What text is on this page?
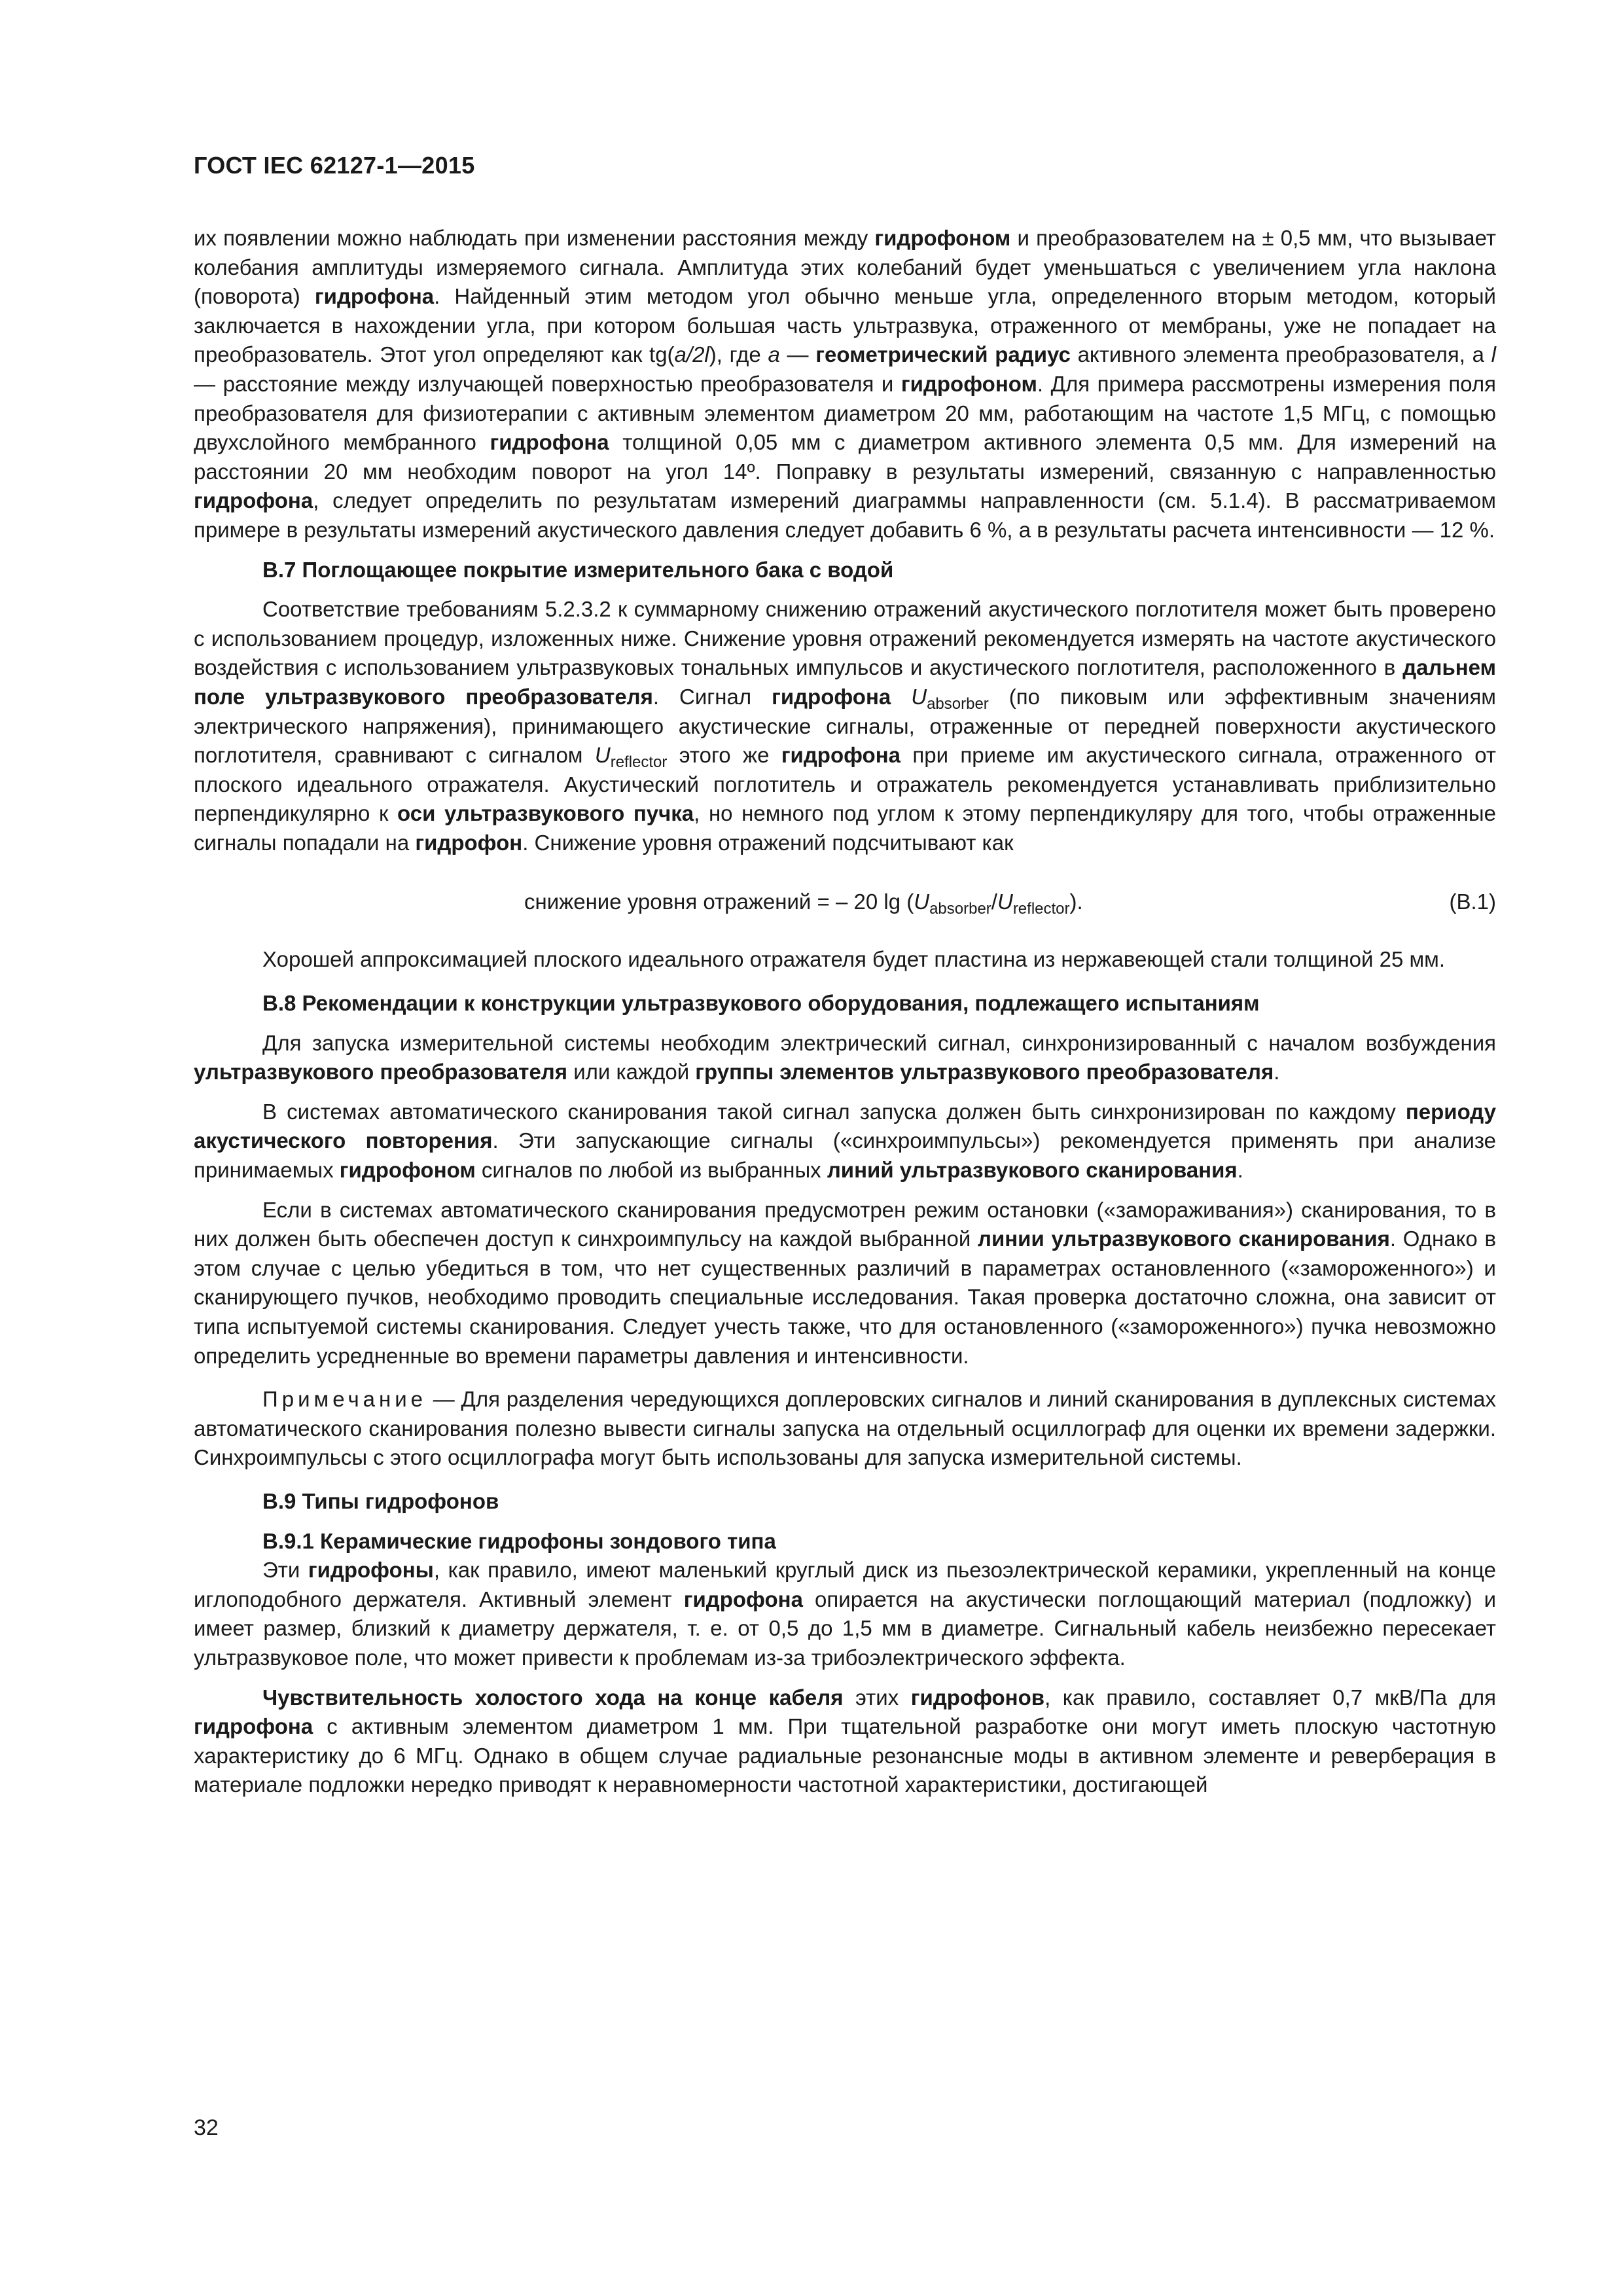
ГОСТ IEC 62127-1—2015

их появлении можно наблюдать при изменении расстояния между гидрофоном и преобразователем на ± 0,5 мм, что вызывает колебания амплитуды измеряемого сигнала. Амплитуда этих колебаний будет уменьшаться с увеличением угла наклона (поворота) гидрофона. Найденный этим методом угол обычно меньше угла, определенного вторым методом, который заключается в нахождении угла, при котором большая часть ультразвука, отраженного от мембраны, уже не попадает на преобразователь. Этот угол определяют как tg(a/2l), где a — геометрический радиус активного элемента преобразователя, а l — расстояние между излучающей поверхностью преобразователя и гидрофоном. Для примера рассмотрены измерения поля преобразователя для физиотерапии с активным элементом диаметром 20 мм, работающим на частоте 1,5 МГц, с помощью двухслойного мембранного гидрофона толщиной 0,05 мм с диаметром активного элемента 0,5 мм. Для измерений на расстоянии 20 мм необходим поворот на угол 14º. Поправку в результаты измерений, связанную с направленностью гидрофона, следует определить по результатам измерений диаграммы направленности (см. 5.1.4). В рассматриваемом примере в результаты измерений акустического давления следует добавить 6 %, а в результаты расчета интенсивности — 12 %.

В.7 Поглощающее покрытие измерительного бака с водой

Соответствие требованиям 5.2.3.2 к суммарному снижению отражений акустического поглотителя может быть проверено с использованием процедур, изложенных ниже. Снижение уровня отражений рекомендуется измерять на частоте акустического воздействия с использованием ультразвуковых тональных импульсов и акустического поглотителя, расположенного в дальнем поле ультразвукового преобразователя. Сигнал гидрофона $U_{absorber}$ (по пиковым или эффективным значениям электрического напряжения), принимающего акустические сигналы, отраженные от передней поверхности акустического поглотителя, сравнивают с сигналом $U_{reflector}$ этого же гидрофона при приеме им акустического сигнала, отраженного от плоского идеального отражателя. Акустический поглотитель и отражатель рекомендуется устанавливать приблизительно перпендикулярно к оси ультразвукового пучка, но немного под углом к этому перпендикуляру для того, чтобы отраженные сигналы попадали на гидрофон. Снижение уровня отражений подсчитывают как

снижение уровня отражений = – 20 $\lg (U_{absorber}/U_{reflector})$.	(В.1)

Хорошей аппроксимацией плоского идеального отражателя будет пластина из нержавеющей стали толщиной 25 мм.

В.8 Рекомендации к конструкции ультразвукового оборудования, подлежащего испытаниям

Для запуска измерительной системы необходим электрический сигнал, синхронизированный с началом возбуждения ультразвукового преобразователя или каждой группы элементов ультразвукового преобразователя.

В системах автоматического сканирования такой сигнал запуска должен быть синхронизирован по каждому периоду акустического повторения. Эти запускающие сигналы («синхроимпульсы») рекомендуется применять при анализе принимаемых гидрофоном сигналов по любой из выбранных линий ультразвукового сканирования.

Если в системах автоматического сканирования предусмотрен режим остановки («замораживания») сканирования, то в них должен быть обеспечен доступ к синхроимпульсу на каждой выбранной линии ультразвукового сканирования. Однако в этом случае с целью убедиться в том, что нет существенных различий в параметрах остановленного («замороженного») и сканирующего пучков, необходимо проводить специальные исследования. Такая проверка достаточно сложна, она зависит от типа испытуемой системы сканирования. Следует учесть также, что для остановленного («замороженного») пучка невозможно определить усредненные во времени параметры давления и интенсивности.

Примечание — Для разделения чередующихся доплеровских сигналов и линий сканирования в дуплексных системах автоматического сканирования полезно вывести сигналы запуска на отдельный осциллограф для оценки их времени задержки. Синхроимпульсы с этого осциллографа могут быть использованы для запуска измерительной системы.

В.9 Типы гидрофонов

В.9.1 Керамические гидрофоны зондового типа

Эти гидрофоны, как правило, имеют маленький круглый диск из пьезоэлектрической керамики, укрепленный на конце иглоподобного держателя. Активный элемент гидрофона опирается на акустически поглощающий материал (подложку) и имеет размер, близкий к диаметру держателя, т. е. от 0,5 до 1,5 мм в диаметре. Сигнальный кабель неизбежно пересекает ультразвуковое поле, что может привести к проблемам из-за трибоэлектрического эффекта.

Чувствительность холостого хода на конце кабеля этих гидрофонов, как правило, составляет 0,7 мкВ/Па для гидрофона с активным элементом диаметром 1 мм. При тщательной разработке они могут иметь плоскую частотную характеристику до 6 МГц. Однако в общем случае радиальные резонансные моды в активном элементе и реверберация в материале подложки нередко приводят к неравномерности частотной характеристики, достигающей

32
